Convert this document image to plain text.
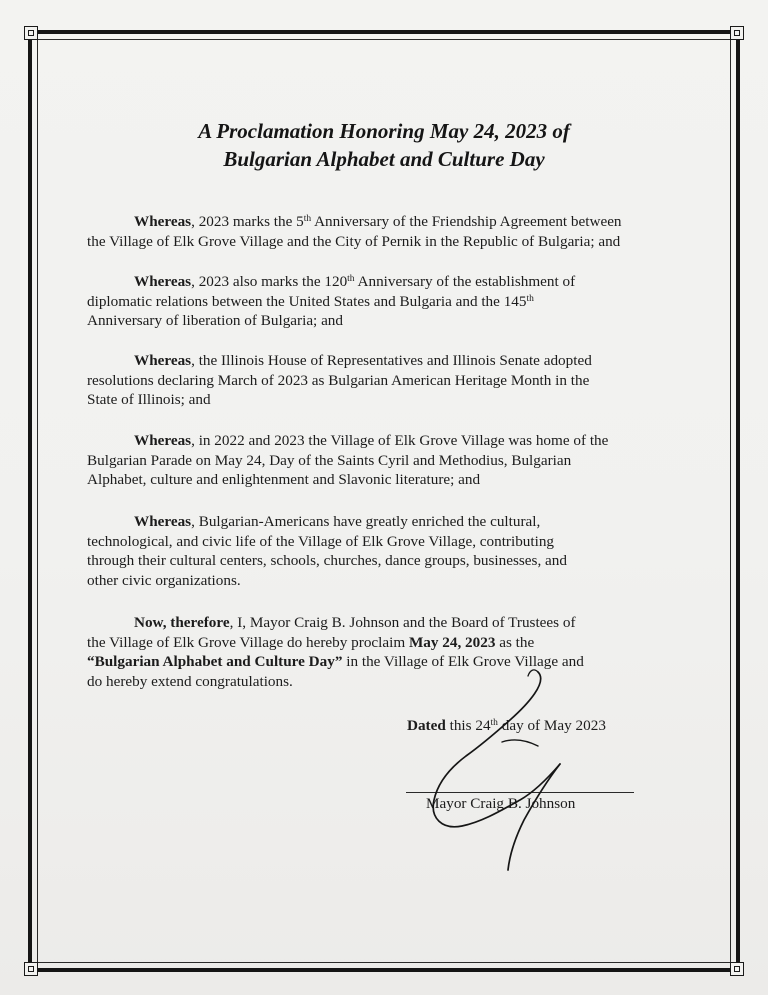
A Proclamation Honoring May 24, 2023 of
Bulgarian Alphabet and Culture Day
Whereas, 2023 marks the 5th Anniversary of the Friendship Agreement between
the Village of Elk Grove Village and the City of Pernik in the Republic of Bulgaria; and
Whereas, 2023 also marks the 120th Anniversary of the establishment of
diplomatic relations between the United States and Bulgaria and the 145th
Anniversary of liberation of Bulgaria; and
Whereas, the Illinois House of Representatives and Illinois Senate adopted
resolutions declaring March of 2023 as Bulgarian American Heritage Month in the
State of Illinois; and
Whereas, in 2022 and 2023 the Village of Elk Grove Village was home of the
Bulgarian Parade on May 24, Day of the Saints Cyril and Methodius, Bulgarian
Alphabet, culture and enlightenment and Slavonic literature; and
Whereas, Bulgarian-Americans have greatly enriched the cultural,
technological, and civic life of the Village of Elk Grove Village, contributing
through their cultural centers, schools, churches, dance groups, businesses, and
other civic organizations.
Now, therefore, I, Mayor Craig B. Johnson and the Board of Trustees of
the Village of Elk Grove Village do hereby proclaim May 24, 2023 as the
“Bulgarian Alphabet and Culture Day” in the Village of Elk Grove Village and
do hereby extend congratulations.
Dated this 24th day of May 2023
Mayor Craig B. Johnson
